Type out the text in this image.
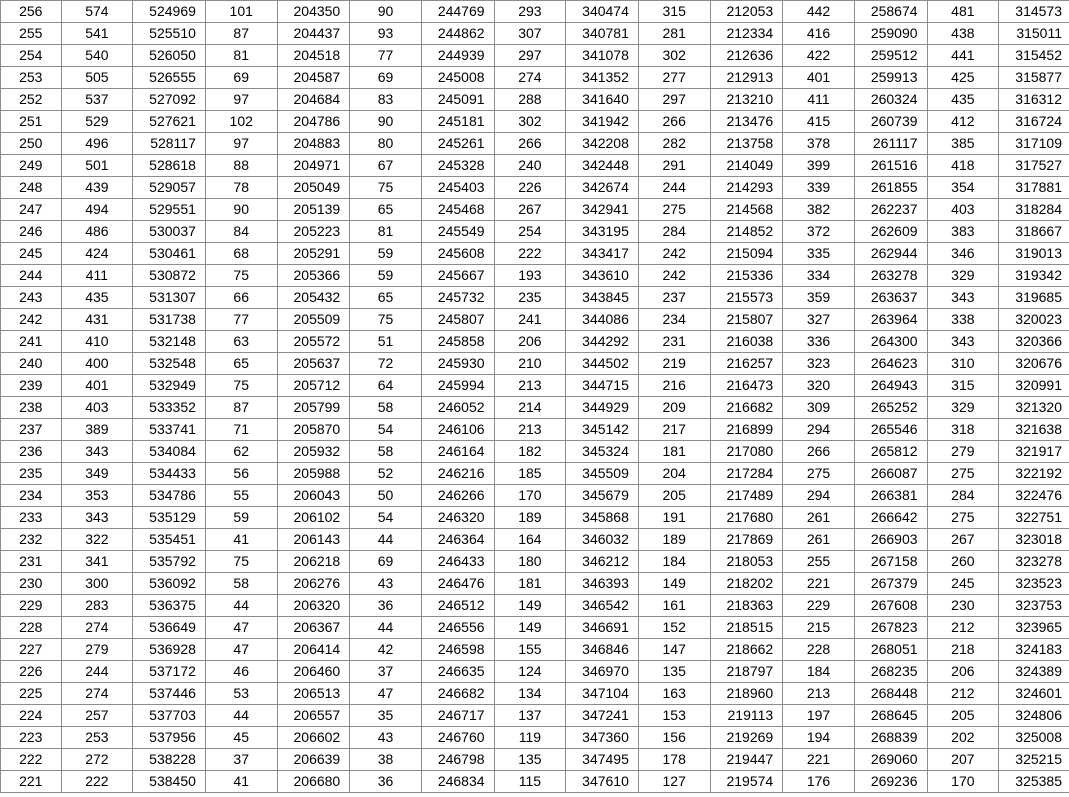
256	574	524969	101	204350	90	244769	293	340474	315	212053	442	258674	481	314573
255	541	525510	87	204437	93	244862	307	340781	281	212334	416	259090	438	315011
254	540	526050	81	204518	77	244939	297	341078	302	212636	422	259512	441	315452
253	505	526555	69	204587	69	245008	274	341352	277	212913	401	259913	425	315877
252	537	527092	97	204684	83	245091	288	341640	297	213210	411	260324	435	316312
251	529	527621	102	204786	90	245181	302	341942	266	213476	415	260739	412	316724
250	496	528117	97	204883	80	245261	266	342208	282	213758	378	261117	385	317109
249	501	528618	88	204971	67	245328	240	342448	291	214049	399	261516	418	317527
248	439	529057	78	205049	75	245403	226	342674	244	214293	339	261855	354	317881
247	494	529551	90	205139	65	245468	267	342941	275	214568	382	262237	403	318284
246	486	530037	84	205223	81	245549	254	343195	284	214852	372	262609	383	318667
245	424	530461	68	205291	59	245608	222	343417	242	215094	335	262944	346	319013
244	411	530872	75	205366	59	245667	193	343610	242	215336	334	263278	329	319342
243	435	531307	66	205432	65	245732	235	343845	237	215573	359	263637	343	319685
242	431	531738	77	205509	75	245807	241	344086	234	215807	327	263964	338	320023
241	410	532148	63	205572	51	245858	206	344292	231	216038	336	264300	343	320366
240	400	532548	65	205637	72	245930	210	344502	219	216257	323	264623	310	320676
239	401	532949	75	205712	64	245994	213	344715	216	216473	320	264943	315	320991
238	403	533352	87	205799	58	246052	214	344929	209	216682	309	265252	329	321320
237	389	533741	71	205870	54	246106	213	345142	217	216899	294	265546	318	321638
236	343	534084	62	205932	58	246164	182	345324	181	217080	266	265812	279	321917
235	349	534433	56	205988	52	246216	185	345509	204	217284	275	266087	275	322192
234	353	534786	55	206043	50	246266	170	345679	205	217489	294	266381	284	322476
233	343	535129	59	206102	54	246320	189	345868	191	217680	261	266642	275	322751
232	322	535451	41	206143	44	246364	164	346032	189	217869	261	266903	267	323018
231	341	535792	75	206218	69	246433	180	346212	184	218053	255	267158	260	323278
230	300	536092	58	206276	43	246476	181	346393	149	218202	221	267379	245	323523
229	283	536375	44	206320	36	246512	149	346542	161	218363	229	267608	230	323753
228	274	536649	47	206367	44	246556	149	346691	152	218515	215	267823	212	323965
227	279	536928	47	206414	42	246598	155	346846	147	218662	228	268051	218	324183
226	244	537172	46	206460	37	246635	124	346970	135	218797	184	268235	206	324389
225	274	537446	53	206513	47	246682	134	347104	163	218960	213	268448	212	324601
224	257	537703	44	206557	35	246717	137	347241	153	219113	197	268645	205	324806
223	253	537956	45	206602	43	246760	119	347360	156	219269	194	268839	202	325008
222	272	538228	37	206639	38	246798	135	347495	178	219447	221	269060	207	325215
221	222	538450	41	206680	36	246834	115	347610	127	219574	176	269236	170	325385
